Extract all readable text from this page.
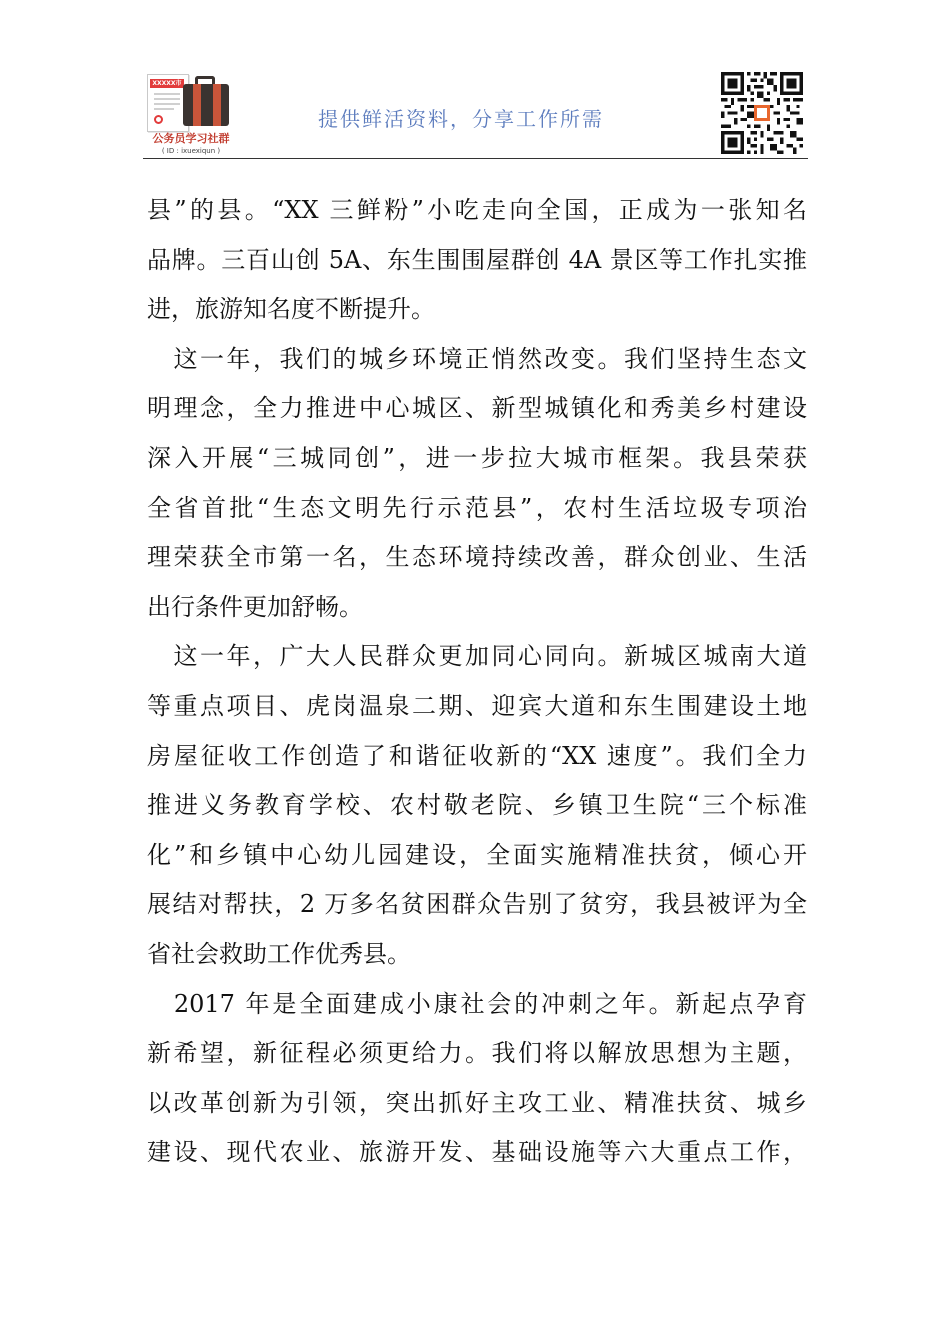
XXXXX市
公务员学习社群
( ID : ixuexiqun )
提供鲜活资料，分享工作所需
县”的县。“XX 三鲜粉”小吃走向全国，正成为一张知名
品牌。三百山创 5A、东生围围屋群创 4A 景区等工作扎实推
进，旅游知名度不断提升。
　这一年，我们的城乡环境正悄然改变。我们坚持生态文
明理念，全力推进中心城区、新型城镇化和秀美乡村建设
深入开展“三城同创”，进一步拉大城市框架。我县荣获
全省首批“生态文明先行示范县”，农村生活垃圾专项治
理荣获全市第一名，生态环境持续改善，群众创业、生活
出行条件更加舒畅。
　这一年，广大人民群众更加同心同向。新城区城南大道
等重点项目、虎岗温泉二期、迎宾大道和东生围建设土地
房屋征收工作创造了和谐征收新的“XX 速度”。我们全力
推进义务教育学校、农村敬老院、乡镇卫生院“三个标准
化”和乡镇中心幼儿园建设，全面实施精准扶贫，倾心开
展结对帮扶，2 万多名贫困群众告别了贫穷，我县被评为全
省社会救助工作优秀县。
　2017 年是全面建成小康社会的冲刺之年。新起点孕育
新希望，新征程必须更给力。我们将以解放思想为主题，
以改革创新为引领，突出抓好主攻工业、精准扶贫、城乡
建设、现代农业、旅游开发、基础设施等六大重点工作，
